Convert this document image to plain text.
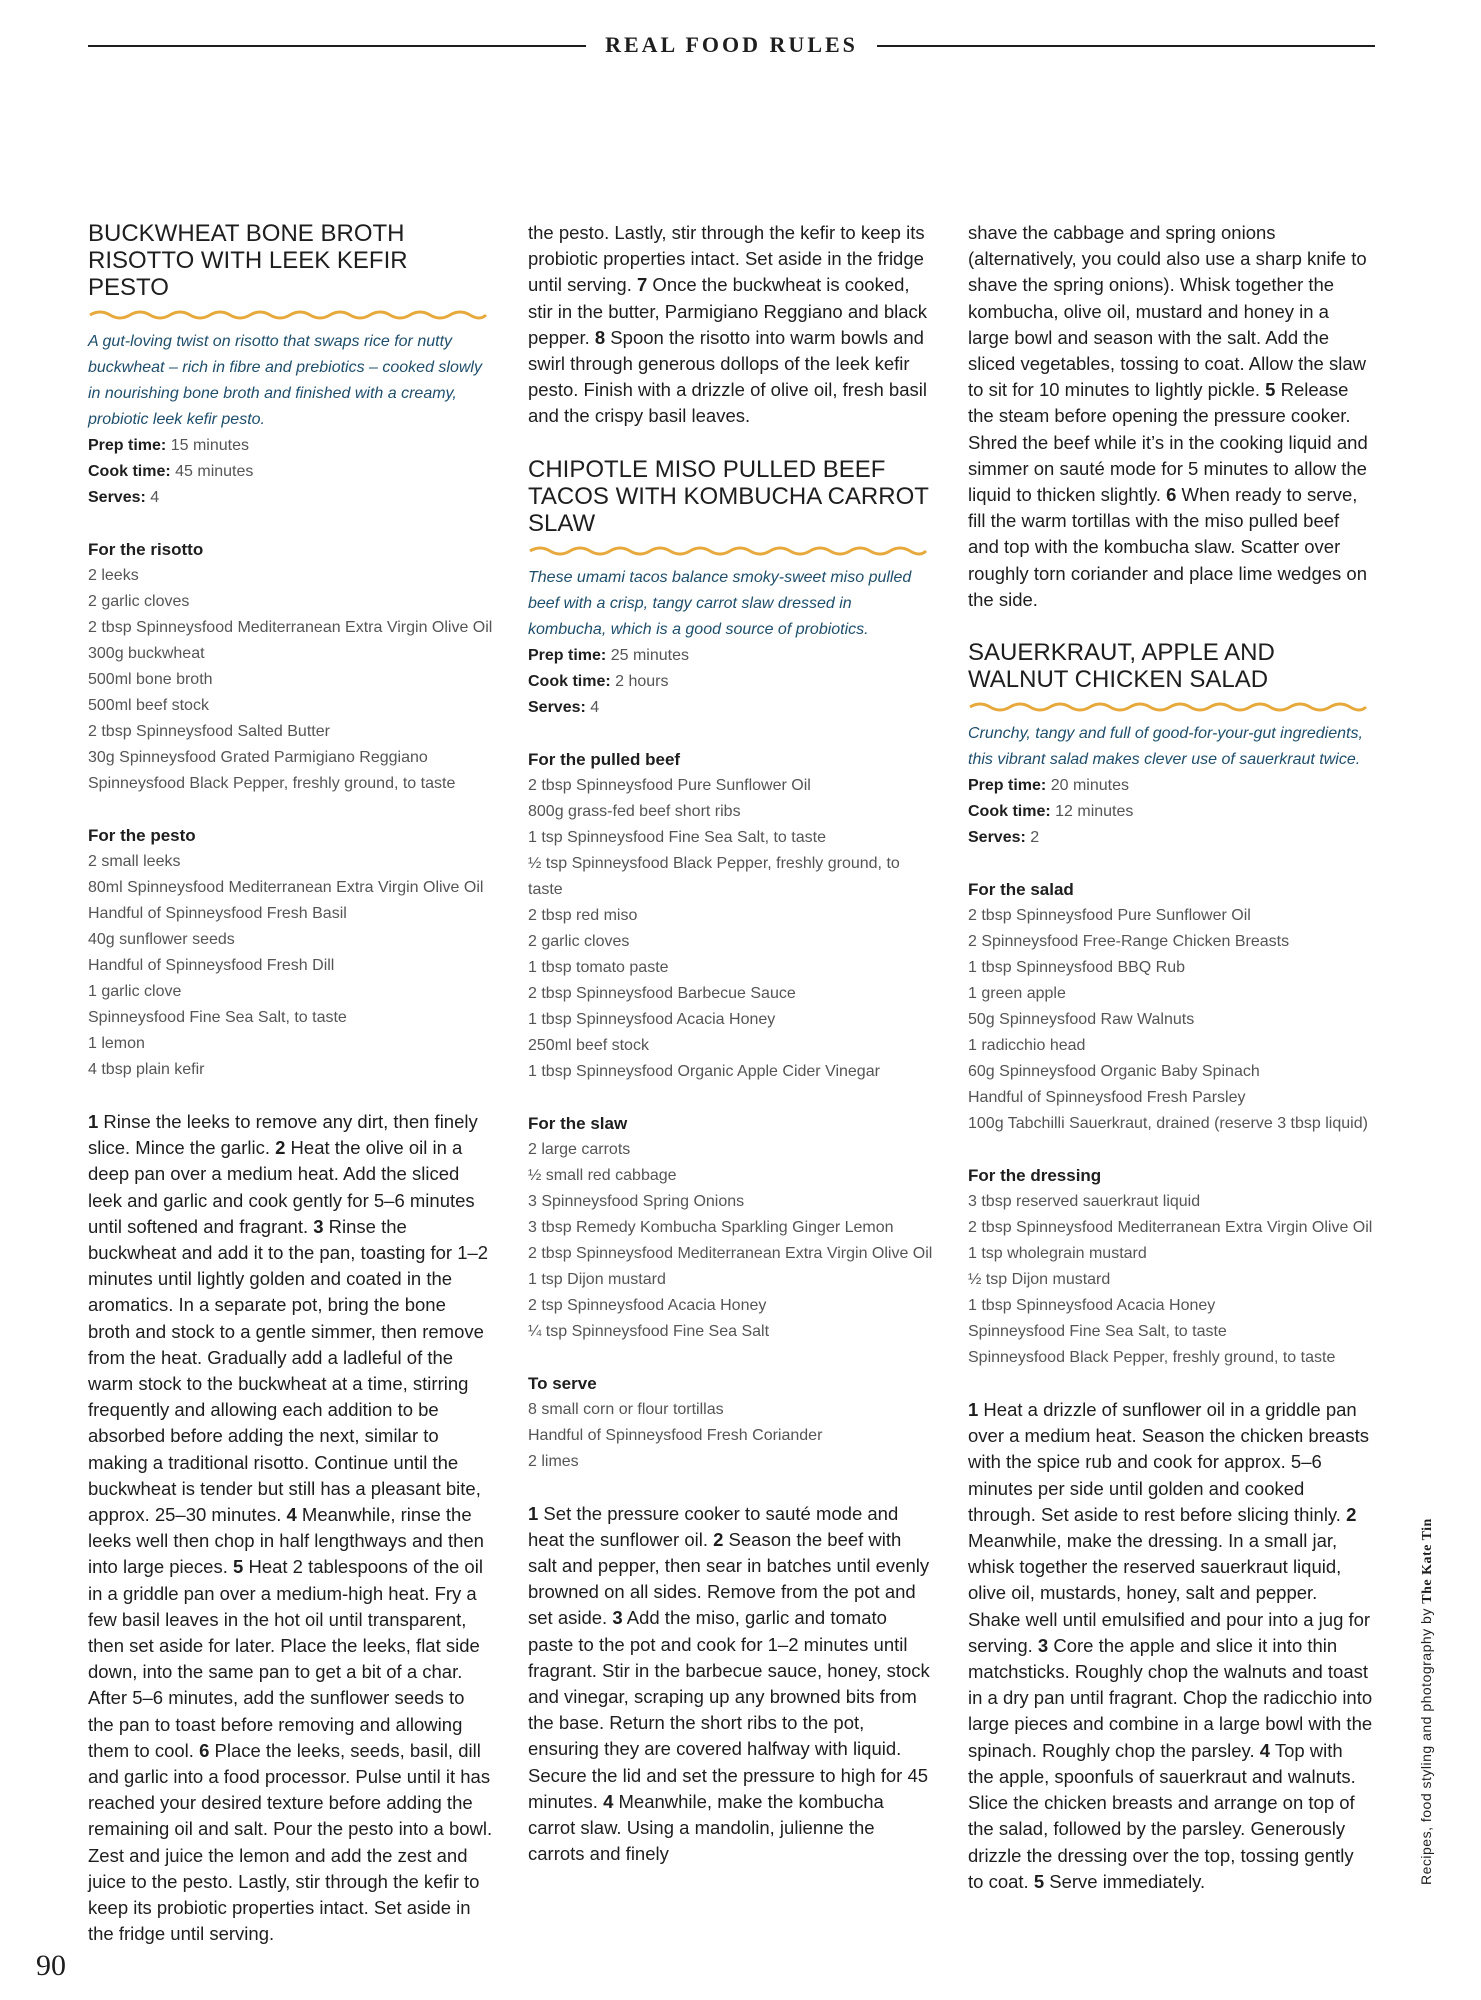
REAL FOOD RULES
BUCKWHEAT BONE BROTH RISOTTO WITH LEEK KEFIR PESTO

A gut-loving twist on risotto that swaps rice for nutty buckwheat – rich in fibre and prebiotics – cooked slowly in nourishing bone broth and finished with a creamy, probiotic leek kefir pesto.

Prep time: 15 minutes

Cook time: 45 minutes

Serves: 4

For the risotto

2 leeks
2 garlic cloves
2 tbsp Spinneysfood Mediterranean Extra Virgin Olive Oil
300g buckwheat
500ml bone broth
500ml beef stock
2 tbsp Spinneysfood Salted Butter
30g Spinneysfood Grated Parmigiano Reggiano
Spinneysfood Black Pepper, freshly ground, to taste

For the pesto

2 small leeks
80ml Spinneysfood Mediterranean Extra Virgin Olive Oil
Handful of Spinneysfood Fresh Basil
40g sunflower seeds
Handful of Spinneysfood Fresh Dill
1 garlic clove
Spinneysfood Fine Sea Salt, to taste
1 lemon
4 tbsp plain kefir

1 Rinse the leeks to remove any dirt, then finely slice. Mince the garlic. 2 Heat the olive oil in a deep pan over a medium heat. Add the sliced leek and garlic and cook gently for 5–6 minutes until softened and fragrant. 3 Rinse the buckwheat and add it to the pan, toasting for 1–2 minutes until lightly golden and coated in the aromatics. In a separate pot, bring the bone broth and stock to a gentle simmer, then remove from the heat. Gradually add a ladleful of the warm stock to the buckwheat at a time, stirring frequently and allowing each addition to be absorbed before adding the next, similar to making a traditional risotto. Continue until the buckwheat is tender but still has a pleasant bite, approx. 25–30 minutes. 4 Meanwhile, rinse the leeks well then chop in half lengthways and then into large pieces. 5 Heat 2 tablespoons of the oil in a griddle pan over a medium-high heat. Fry a few basil leaves in the hot oil until transparent, then set aside for later. Place the leeks, flat side down, into the same pan to get a bit of a char. After 5–6 minutes, add the sunflower seeds to the pan to toast before removing and allowing them to cool. 6 Place the leeks, seeds, basil, dill and garlic into a food processor. Pulse until it has reached your desired texture before adding the remaining oil and salt. Pour the pesto into a bowl. Zest and juice the lemon and add the zest and juice to the pesto. Lastly, stir through the kefir to keep its probiotic properties intact. Set aside in the fridge until serving.

the pesto. Lastly, stir through the kefir to keep its probiotic properties intact. Set aside in the fridge until serving. 7 Once the buckwheat is cooked, stir in the butter, Parmigiano Reggiano and black pepper. 8 Spoon the risotto into warm bowls and swirl through generous dollops of the leek kefir pesto. Finish with a drizzle of olive oil, fresh basil and the crispy basil leaves.

CHIPOTLE MISO PULLED BEEF TACOS WITH KOMBUCHA CARROT SLAW

These umami tacos balance smoky-sweet miso pulled beef with a crisp, tangy carrot slaw dressed in kombucha, which is a good source of probiotics.

Prep time: 25 minutes

Cook time: 2 hours

Serves: 4

For the pulled beef

2 tbsp Spinneysfood Pure Sunflower Oil
800g grass-fed beef short ribs
1 tsp Spinneysfood Fine Sea Salt, to taste
½ tsp Spinneysfood Black Pepper, freshly ground, to taste
2 tbsp red miso
2 garlic cloves
1 tbsp tomato paste
2 tbsp Spinneysfood Barbecue Sauce
1 tbsp Spinneysfood Acacia Honey
250ml beef stock
1 tbsp Spinneysfood Organic Apple Cider Vinegar

For the slaw

2 large carrots
½ small red cabbage
3 Spinneysfood Spring Onions
3 tbsp Remedy Kombucha Sparkling Ginger Lemon
2 tbsp Spinneysfood Mediterranean Extra Virgin Olive Oil
1 tsp Dijon mustard
2 tsp Spinneysfood Acacia Honey
¼ tsp Spinneysfood Fine Sea Salt

To serve

8 small corn or flour tortillas
Handful of Spinneysfood Fresh Coriander
2 limes

1 Set the pressure cooker to sauté mode and heat the sunflower oil. 2 Season the beef with salt and pepper, then sear in batches until evenly browned on all sides. Remove from the pot and set aside. 3 Add the miso, garlic and tomato paste to the pot and cook for 1–2 minutes until fragrant. Stir in the barbecue sauce, honey, stock and vinegar, scraping up any browned bits from the base. Return the short ribs to the pot, ensuring they are covered halfway with liquid. Secure the lid and set the pressure to high for 45 minutes. 4 Meanwhile, make the kombucha carrot slaw. Using a mandolin, julienne the carrots and finely

shave the cabbage and spring onions (alternatively, you could also use a sharp knife to shave the spring onions). Whisk together the kombucha, olive oil, mustard and honey in a large bowl and season with the salt. Add the sliced vegetables, tossing to coat. Allow the slaw to sit for 10 minutes to lightly pickle. 5 Release the steam before opening the pressure cooker. Shred the beef while it’s in the cooking liquid and simmer on sauté mode for 5 minutes to allow the liquid to thicken slightly. 6 When ready to serve, fill the warm tortillas with the miso pulled beef and top with the kombucha slaw. Scatter over roughly torn coriander and place lime wedges on the side.

SAUERKRAUT, APPLE AND WALNUT CHICKEN SALAD

Crunchy, tangy and full of good-for-your-gut ingredients, this vibrant salad makes clever use of sauerkraut twice.

Prep time: 20 minutes

Cook time: 12 minutes

Serves: 2

For the salad

2 tbsp Spinneysfood Pure Sunflower Oil
2 Spinneysfood Free-Range Chicken Breasts
1 tbsp Spinneysfood BBQ Rub
1 green apple
50g Spinneysfood Raw Walnuts
1 radicchio head
60g Spinneysfood Organic Baby Spinach
Handful of Spinneysfood Fresh Parsley
100g Tabchilli Sauerkraut, drained (reserve 3 tbsp liquid)

For the dressing

3 tbsp reserved sauerkraut liquid
2 tbsp Spinneysfood Mediterranean Extra Virgin Olive Oil
1 tsp wholegrain mustard
½ tsp Dijon mustard
1 tbsp Spinneysfood Acacia Honey
Spinneysfood Fine Sea Salt, to taste
Spinneysfood Black Pepper, freshly ground, to taste

1 Heat a drizzle of sunflower oil in a griddle pan over a medium heat. Season the chicken breasts with the spice rub and cook for approx. 5–6 minutes per side until golden and cooked through. Set aside to rest before slicing thinly. 2 Meanwhile, make the dressing. In a small jar, whisk together the reserved sauerkraut liquid, olive oil, mustards, honey, salt and pepper. Shake well until emulsified and pour into a jug for serving. 3 Core the apple and slice it into thin matchsticks. Roughly chop the walnuts and toast in a dry pan until fragrant. Chop the radicchio into large pieces and combine in a large bowl with the spinach. Roughly chop the parsley. 4 Top with the apple, spoonfuls of sauerkraut and walnuts. Slice the chicken breasts and arrange on top of the salad, followed by the parsley. Generously drizzle the dressing over the top, tossing gently to coat. 5 Serve immediately.	Recipes, food styling and photography by The Kate Tin
90
